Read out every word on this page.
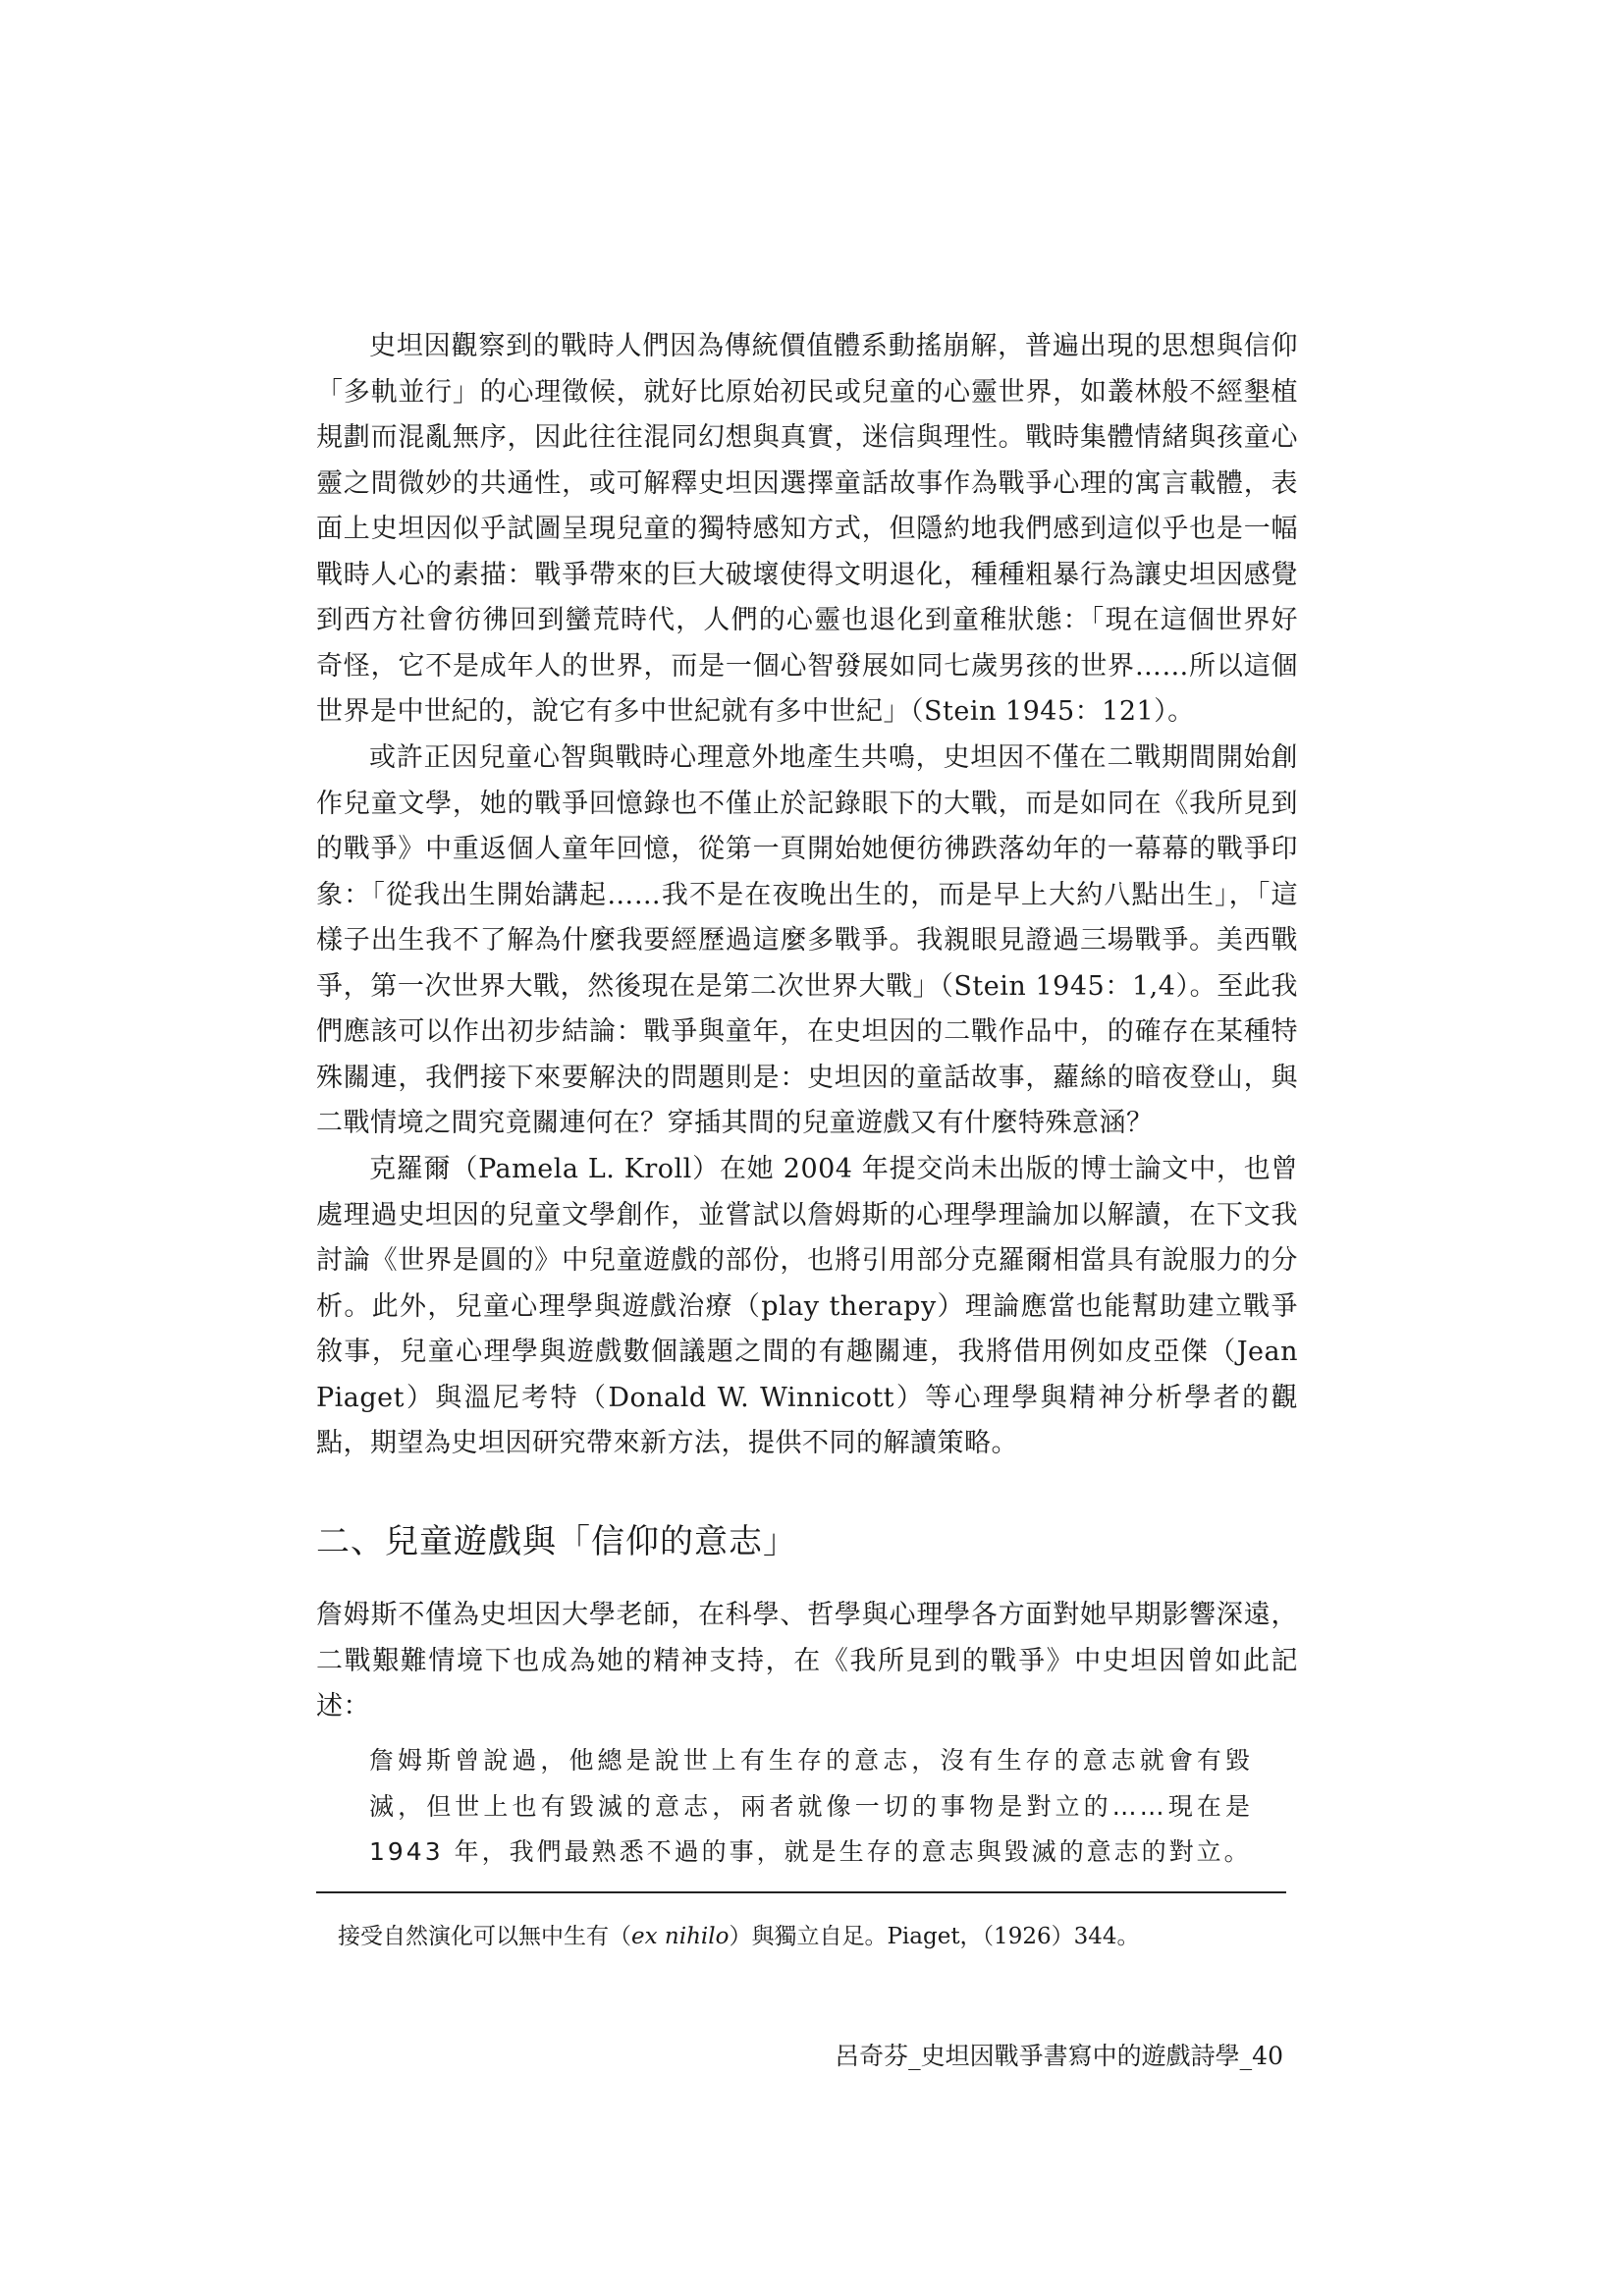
史坦因觀察到的戰時人們因為傳統價值體系動搖崩解，普遍出現的思想與信仰「多軌並行」的心理徵候，就好比原始初民或兒童的心靈世界，如叢林般不經墾植規劃而混亂無序，因此往往混同幻想與真實，迷信與理性。戰時集體情緒與孩童心靈之間微妙的共通性，或可解釋史坦因選擇童話故事作為戰爭心理的寓言載體，表面上史坦因似乎試圖呈現兒童的獨特感知方式，但隱約地我們感到這似乎也是一幅戰時人心的素描：戰爭帶來的巨大破壞使得文明退化，種種粗暴行為讓史坦因感覺到西方社會彷彿回到蠻荒時代，人們的心靈也退化到童稚狀態：「現在這個世界好奇怪，它不是成年人的世界，而是一個心智發展如同七歲男孩的世界……所以這個世界是中世紀的，說它有多中世紀就有多中世紀」（Stein 1945：121）。

或許正因兒童心智與戰時心理意外地產生共鳴，史坦因不僅在二戰期間開始創作兒童文學，她的戰爭回憶錄也不僅止於記錄眼下的大戰，而是如同在《我所見到的戰爭》中重返個人童年回憶，從第一頁開始她便彷彿跌落幼年的一幕幕的戰爭印象：「從我出生開始講起……我不是在夜晚出生的，而是早上大約八點出生」，「這樣子出生我不了解為什麼我要經歷過這麼多戰爭。我親眼見證過三場戰爭。美西戰爭，第一次世界大戰，然後現在是第二次世界大戰」（Stein 1945：1,4）。至此我們應該可以作出初步結論：戰爭與童年，在史坦因的二戰作品中，的確存在某種特殊關連，我們接下來要解決的問題則是：史坦因的童話故事，蘿絲的暗夜登山，與二戰情境之間究竟關連何在？穿插其間的兒童遊戲又有什麼特殊意涵？

克羅爾（Pamela L. Kroll）在她 2004 年提交尚未出版的博士論文中，也曾處理過史坦因的兒童文學創作，並嘗試以詹姆斯的心理學理論加以解讀，在下文我討論《世界是圓的》中兒童遊戲的部份，也將引用部分克羅爾相當具有說服力的分析。此外，兒童心理學與遊戲治療（play therapy）理論應當也能幫助建立戰爭敘事，兒童心理學與遊戲數個議題之間的有趣關連，我將借用例如皮亞傑（Jean Piaget）與溫尼考特（Donald W. Winnicott）等心理學與精神分析學者的觀點，期望為史坦因研究帶來新方法，提供不同的解讀策略。

二、兒童遊戲與「信仰的意志」

詹姆斯不僅為史坦因大學老師，在科學、哲學與心理學各方面對她早期影響深遠，二戰艱難情境下也成為她的精神支持，在《我所見到的戰爭》中史坦因曾如此記述：

詹姆斯曾說過，他總是說世上有生存的意志，沒有生存的意志就會有毀滅，但世上也有毀滅的意志，兩者就像一切的事物是對立的……現在是 1943 年，我們最熟悉不過的事，就是生存的意志與毀滅的意志的對立。
接受自然演化可以無中生有（ex nihilo）與獨立自足。Piaget，（1926）344。
呂奇芬_史坦因戰爭書寫中的遊戲詩學_40
